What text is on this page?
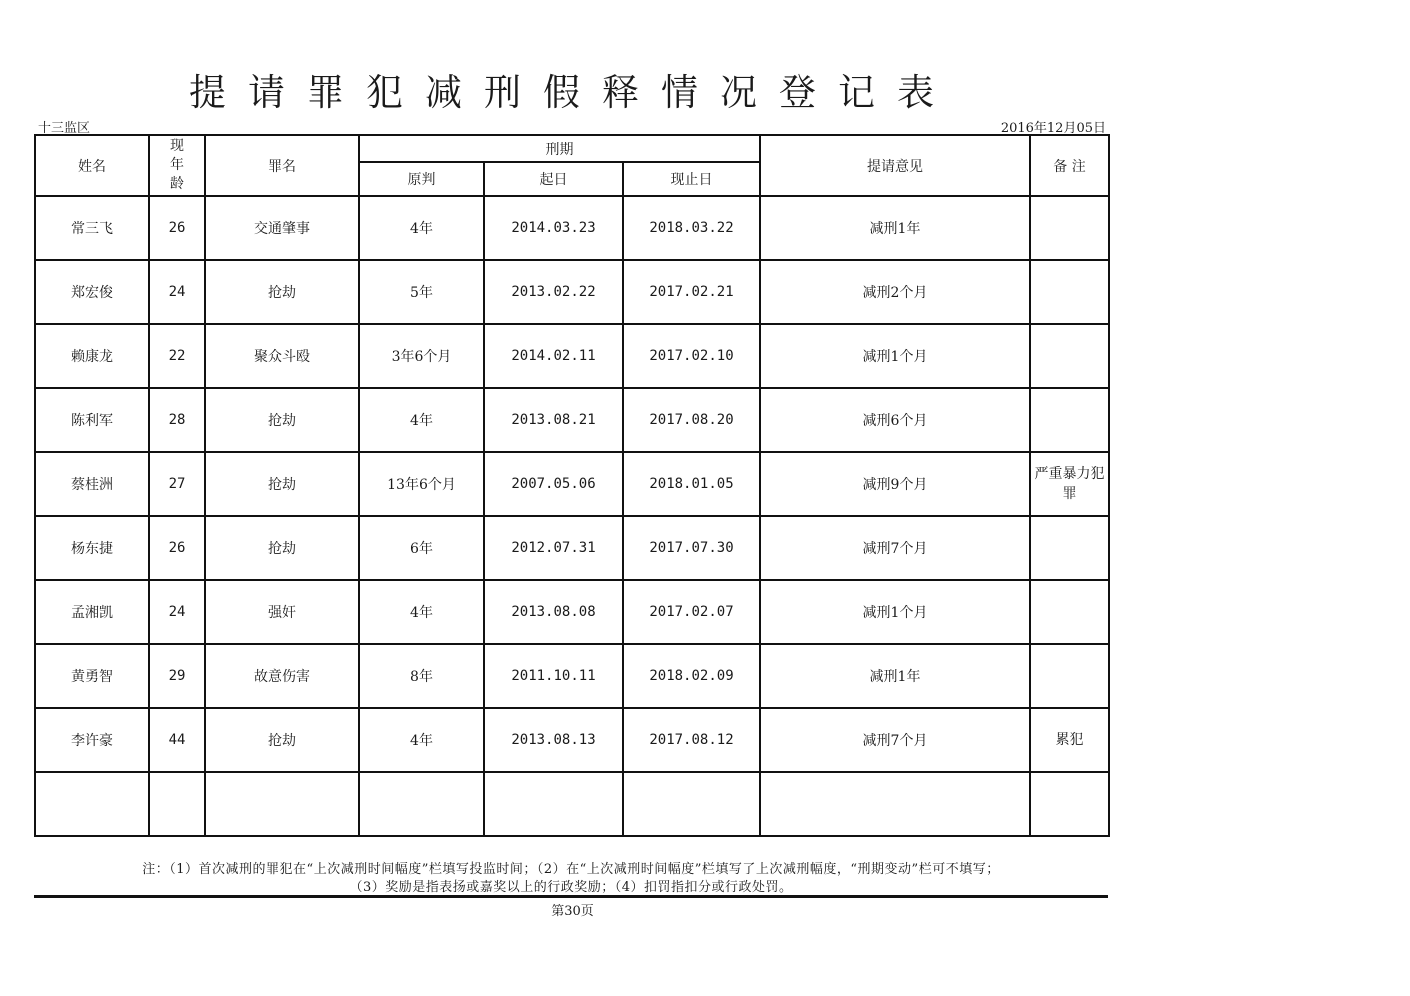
提请罪犯减刑假释情况登记表
十三监区	2016年12月05日
姓名	现
年
龄	罪名	刑期			提请意见	备 注
			原判	起日	现止日		
常三飞	26	交通肇事	4年	2014.03.23	2018.03.22	减刑1年	
郑宏俊	24	抢劫	5年	2013.02.22	2017.02.21	减刑2个月	
赖康龙	22	聚众斗殴	3年6个月	2014.02.11	2017.02.10	减刑1个月	
陈利军	28	抢劫	4年	2013.08.21	2017.08.20	减刑6个月	
蔡桂洲	27	抢劫	13年6个月	2007.05.06	2018.01.05	减刑9个月	严重暴力犯罪
杨东捷	26	抢劫	6年	2012.07.31	2017.07.30	减刑7个月	
孟湘凯	24	强奸	4年	2013.08.08	2017.02.07	减刑1个月	
黄勇智	29	故意伤害	8年	2011.10.11	2018.02.09	减刑1年	
李许豪	44	抢劫	4年	2013.08.13	2017.08.12	减刑7个月	累犯

注：（1）首次减刑的罪犯在“上次减刑时间幅度”栏填写投监时间；（2）在“上次减刑时间幅度”栏填写了上次减刑幅度，“刑期变动”栏可不填写；
（3）奖励是指表扬或嘉奖以上的行政奖励；（4）扣罚指扣分或行政处罚。
第30页
